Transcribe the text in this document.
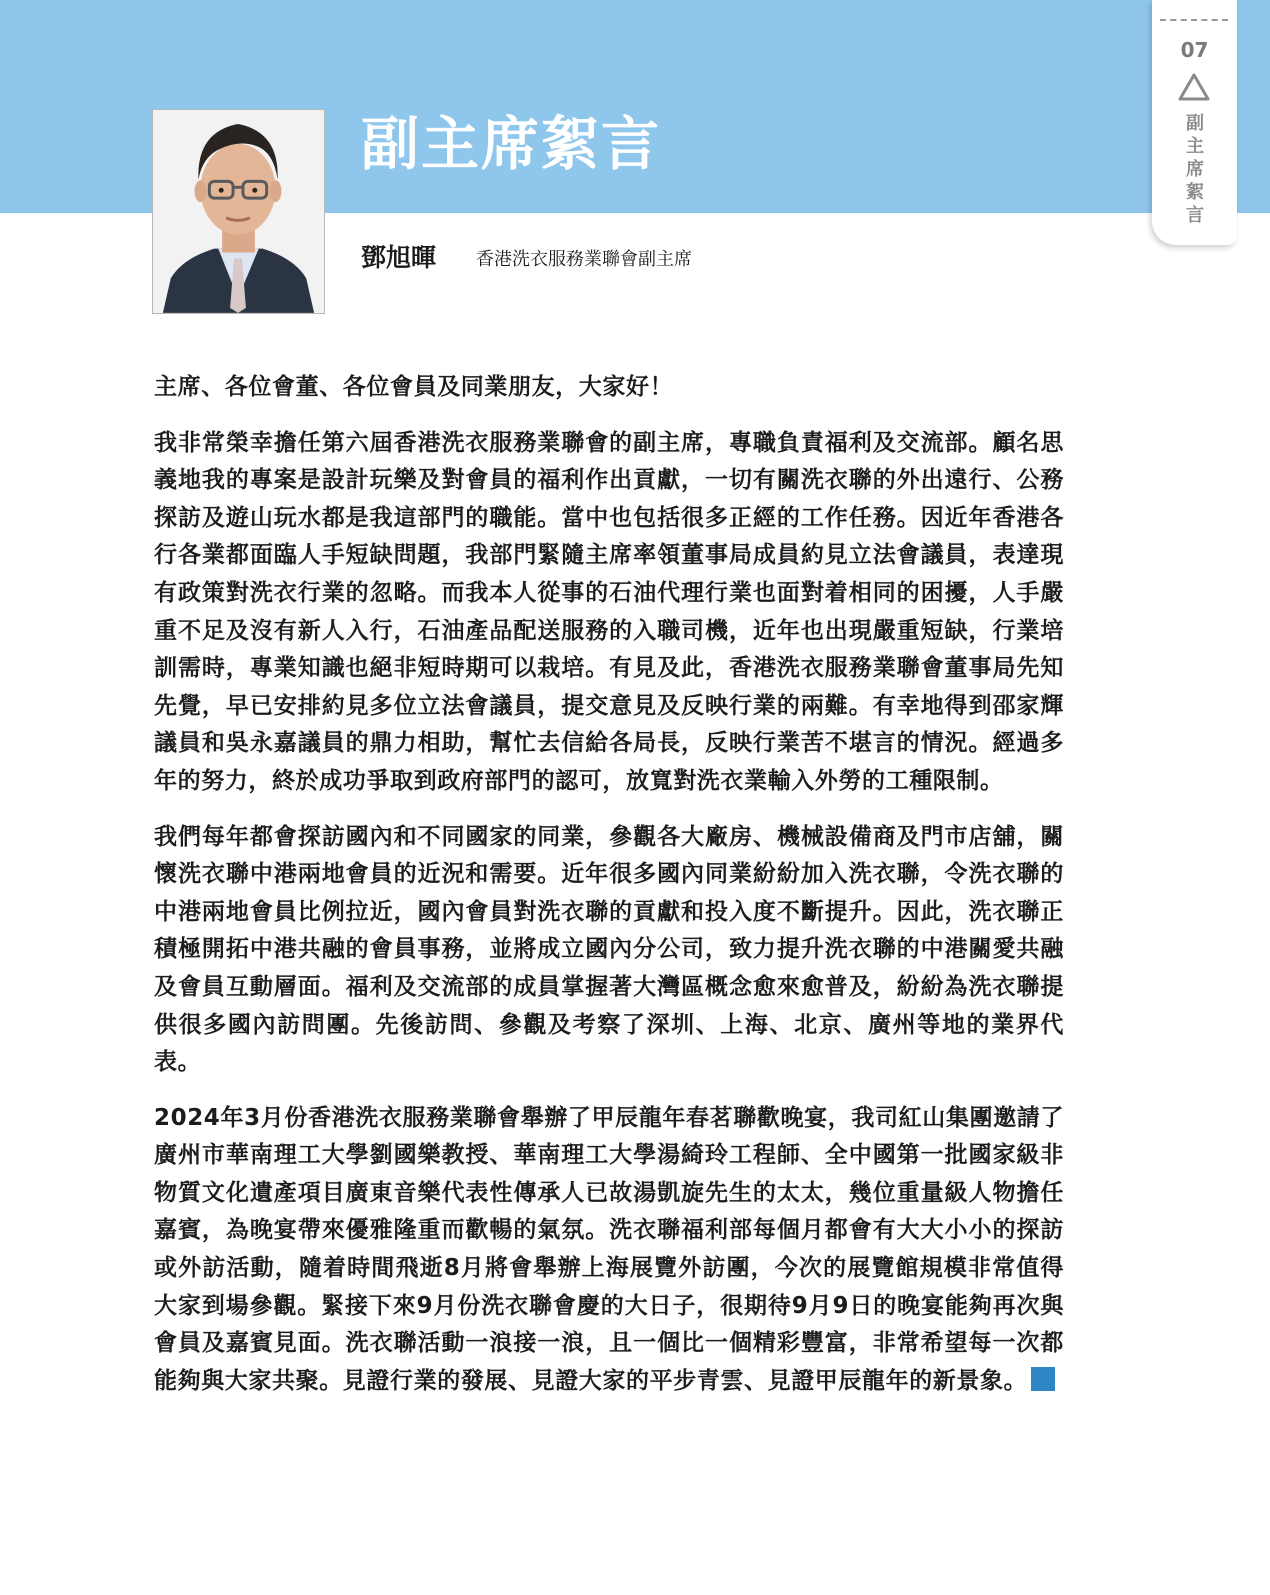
副主席絮言
鄧旭暉 香港洗衣服務業聯會副主席
07
副主席絮言

主席、各位會董、各位會員及同業朋友，大家好！

我非常榮幸擔任第六屆香港洗衣服務業聯會的副主席，專職負責福利及交流部。顧名思義地我的專案是設計玩樂及對會員的福利作出貢獻，一切有關洗衣聯的外出遠行、公務探訪及遊山玩水都是我這部門的職能。當中也包括很多正經的工作任務。因近年香港各行各業都面臨人手短缺問題，我部門緊隨主席率領董事局成員約見立法會議員，表達現有政策對洗衣行業的忽略。而我本人從事的石油代理行業也面對着相同的困擾，人手嚴重不足及沒有新人入行，石油產品配送服務的入職司機，近年也出現嚴重短缺，行業培訓需時，專業知識也絕非短時期可以栽培。有見及此，香港洗衣服務業聯會董事局先知先覺，早已安排約見多位立法會議員，提交意見及反映行業的兩難。有幸地得到邵家輝議員和吳永嘉議員的鼎力相助，幫忙去信給各局長，反映行業苦不堪言的情況。經過多年的努力，終於成功爭取到政府部門的認可，放寬對洗衣業輸入外勞的工種限制。

我們每年都會探訪國內和不同國家的同業，參觀各大廠房、機械設備商及門市店舖，關懷洗衣聯中港兩地會員的近況和需要。近年很多國內同業紛紛加入洗衣聯，令洗衣聯的中港兩地會員比例拉近，國內會員對洗衣聯的貢獻和投入度不斷提升。因此，洗衣聯正積極開拓中港共融的會員事務，並將成立國內分公司，致力提升洗衣聯的中港關愛共融及會員互動層面。福利及交流部的成員掌握著大灣區概念愈來愈普及，紛紛為洗衣聯提供很多國內訪問團。先後訪問、參觀及考察了深圳、上海、北京、廣州等地的業界代表。

2024年3月份香港洗衣服務業聯會舉辦了甲辰龍年春茗聯歡晚宴，我司紅山集團邀請了廣州市華南理工大學劉國樂教授、華南理工大學湯綺玲工程師、全中國第一批國家級非物質文化遺產項目廣東音樂代表性傳承人已故湯凱旋先生的太太，幾位重量級人物擔任嘉賓，為晚宴帶來優雅隆重而歡暢的氣氛。洗衣聯福利部每個月都會有大大小小的探訪或外訪活動，隨着時間飛逝8月將會舉辦上海展覽外訪團，今次的展覽館規模非常值得大家到場參觀。緊接下來9月份洗衣聯會慶的大日子，很期待9月9日的晚宴能夠再次與會員及嘉賓見面。洗衣聯活動一浪接一浪，且一個比一個精彩豐富，非常希望每一次都能夠與大家共聚。見證行業的發展、見證大家的平步青雲、見證甲辰龍年的新景象。
